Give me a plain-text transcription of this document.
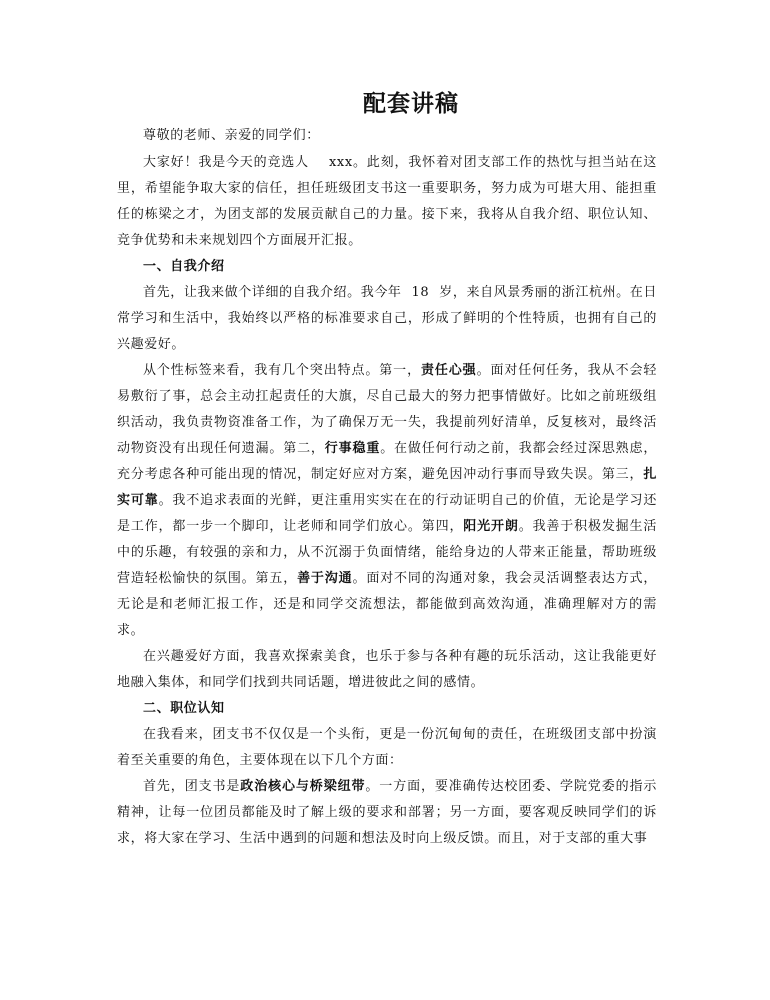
配套讲稿

尊敬的老师、亲爱的同学们：

大家好！我是今天的竞选人 xxx。此刻，我怀着对团支部工作的热忱与担当站在这里，希望能争取大家的信任，担任班级团支书这一重要职务，努力成为可堪大用、能担重任的栋梁之才，为团支部的发展贡献自己的力量。接下来，我将从自我介绍、职位认知、竞争优势和未来规划四个方面展开汇报。

一、自我介绍

首先，让我来做个详细的自我介绍。我今年 18 岁，来自风景秀丽的浙江杭州。在日常学习和生活中，我始终以严格的标准要求自己，形成了鲜明的个性特质，也拥有自己的兴趣爱好。

从个性标签来看，我有几个突出特点。第一，责任心强。面对任何任务，我从不会轻易敷衍了事，总会主动扛起责任的大旗，尽自己最大的努力把事情做好。比如之前班级组织活动，我负责物资准备工作，为了确保万无一失，我提前列好清单，反复核对，最终活动物资没有出现任何遗漏。第二，行事稳重。在做任何行动之前，我都会经过深思熟虑，充分考虑各种可能出现的情况，制定好应对方案，避免因冲动行事而导致失误。第三，扎实可靠。我不追求表面的光鲜，更注重用实实在在的行动证明自己的价值，无论是学习还是工作，都一步一个脚印，让老师和同学们放心。第四，阳光开朗。我善于积极发掘生活中的乐趣，有较强的亲和力，从不沉溺于负面情绪，能给身边的人带来正能量，帮助班级营造轻松愉快的氛围。第五，善于沟通。面对不同的沟通对象，我会灵活调整表达方式，无论是和老师汇报工作，还是和同学交流想法，都能做到高效沟通，准确理解对方的需求。

在兴趣爱好方面，我喜欢探索美食，也乐于参与各种有趣的玩乐活动，这让我能更好地融入集体，和同学们找到共同话题，增进彼此之间的感情。

二、职位认知

在我看来，团支书不仅仅是一个头衔，更是一份沉甸甸的责任，在班级团支部中扮演着至关重要的角色，主要体现在以下几个方面：

首先，团支书是政治核心与桥梁纽带。一方面，要准确传达校团委、学院党委的指示精神，让每一位团员都能及时了解上级的要求和部署；另一方面，要客观反映同学们的诉求，将大家在学习、生活中遇到的问题和想法及时向上级反馈。而且，对于支部的重大事
